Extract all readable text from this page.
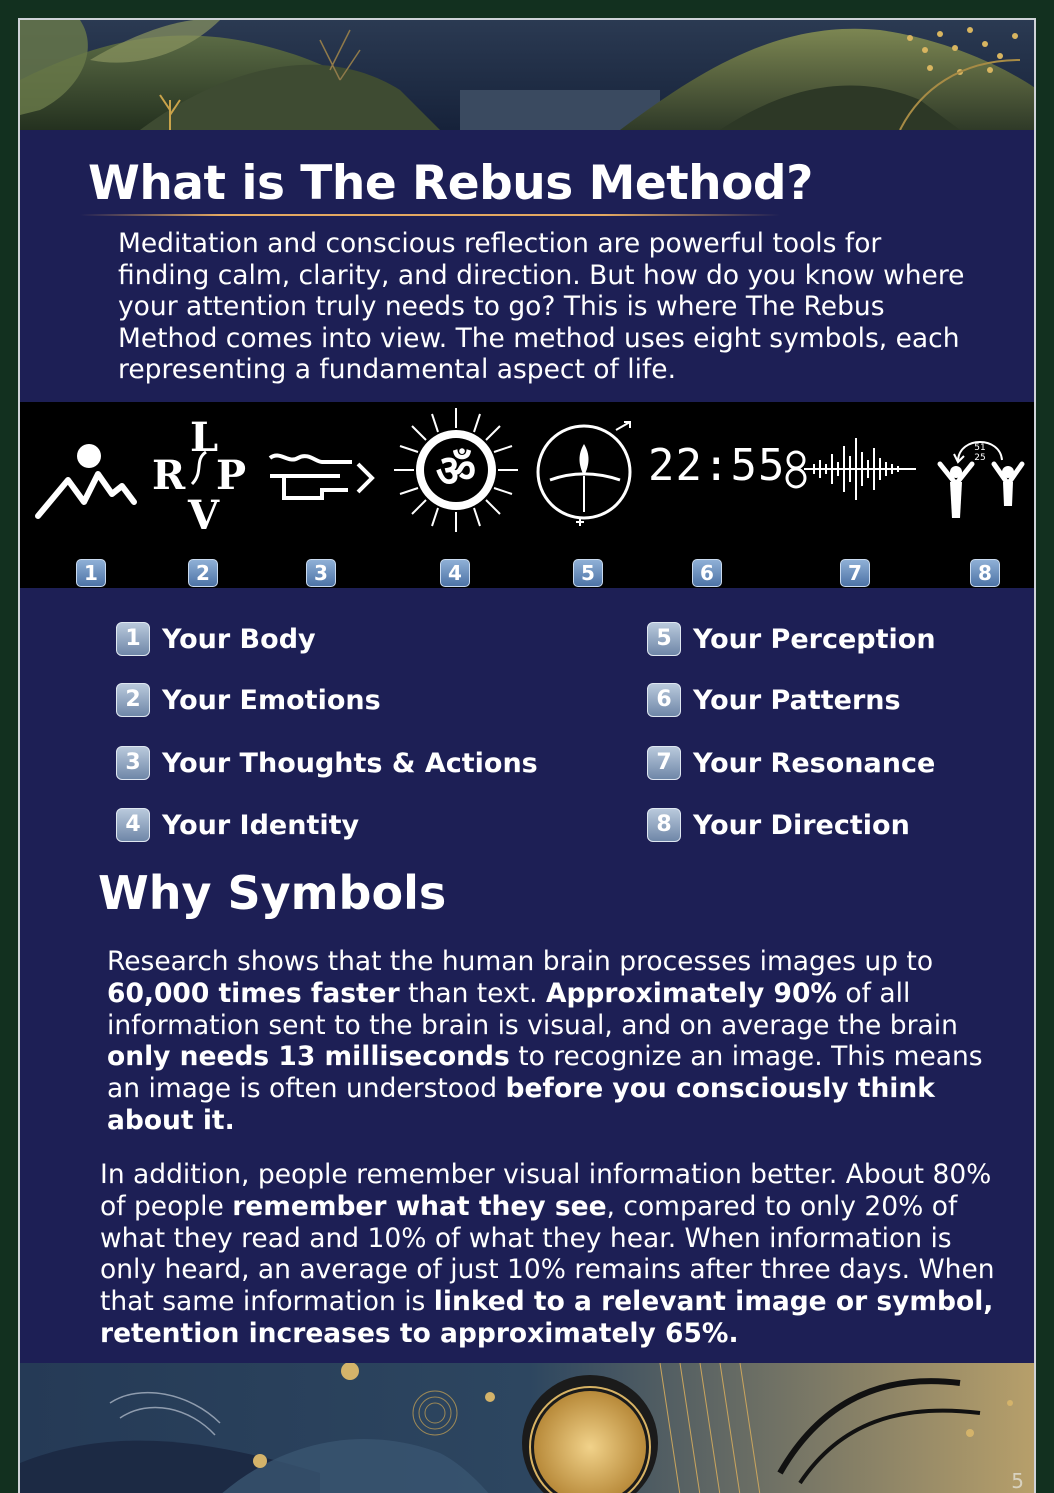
What is The Rebus Method?

Meditation and conscious reflection are powerful tools for finding calm, clarity, and direction. But how do you know where your attention truly needs to go? This is where The Rebus Method comes into view. The method uses eight symbols, each representing a fundamental aspect of life.

L
R P
V
ॐ	22:55	51
25
1	2	3	4	5	6	7	8
1 Your Body
2 Your Emotions
3 Your Thoughts & Actions
4 Your Identity
5 Your Perception
6 Your Patterns
7 Your Resonance
8 Your Direction
Why Symbols

Research shows that the human brain processes images up to 60,000 times faster than text. Approximately 90% of all information sent to the brain is visual, and on average the brain only needs 13 milliseconds to recognize an image. This means an image is often understood before you consciously think about it.

In addition, people remember visual information better. About 80% of people remember what they see, compared to only 20% of what they read and 10% of what they hear. When information is only heard, an average of just 10% remains after three days. When that same information is linked to a relevant image or symbol, retention increases to approximately 65%.

5
